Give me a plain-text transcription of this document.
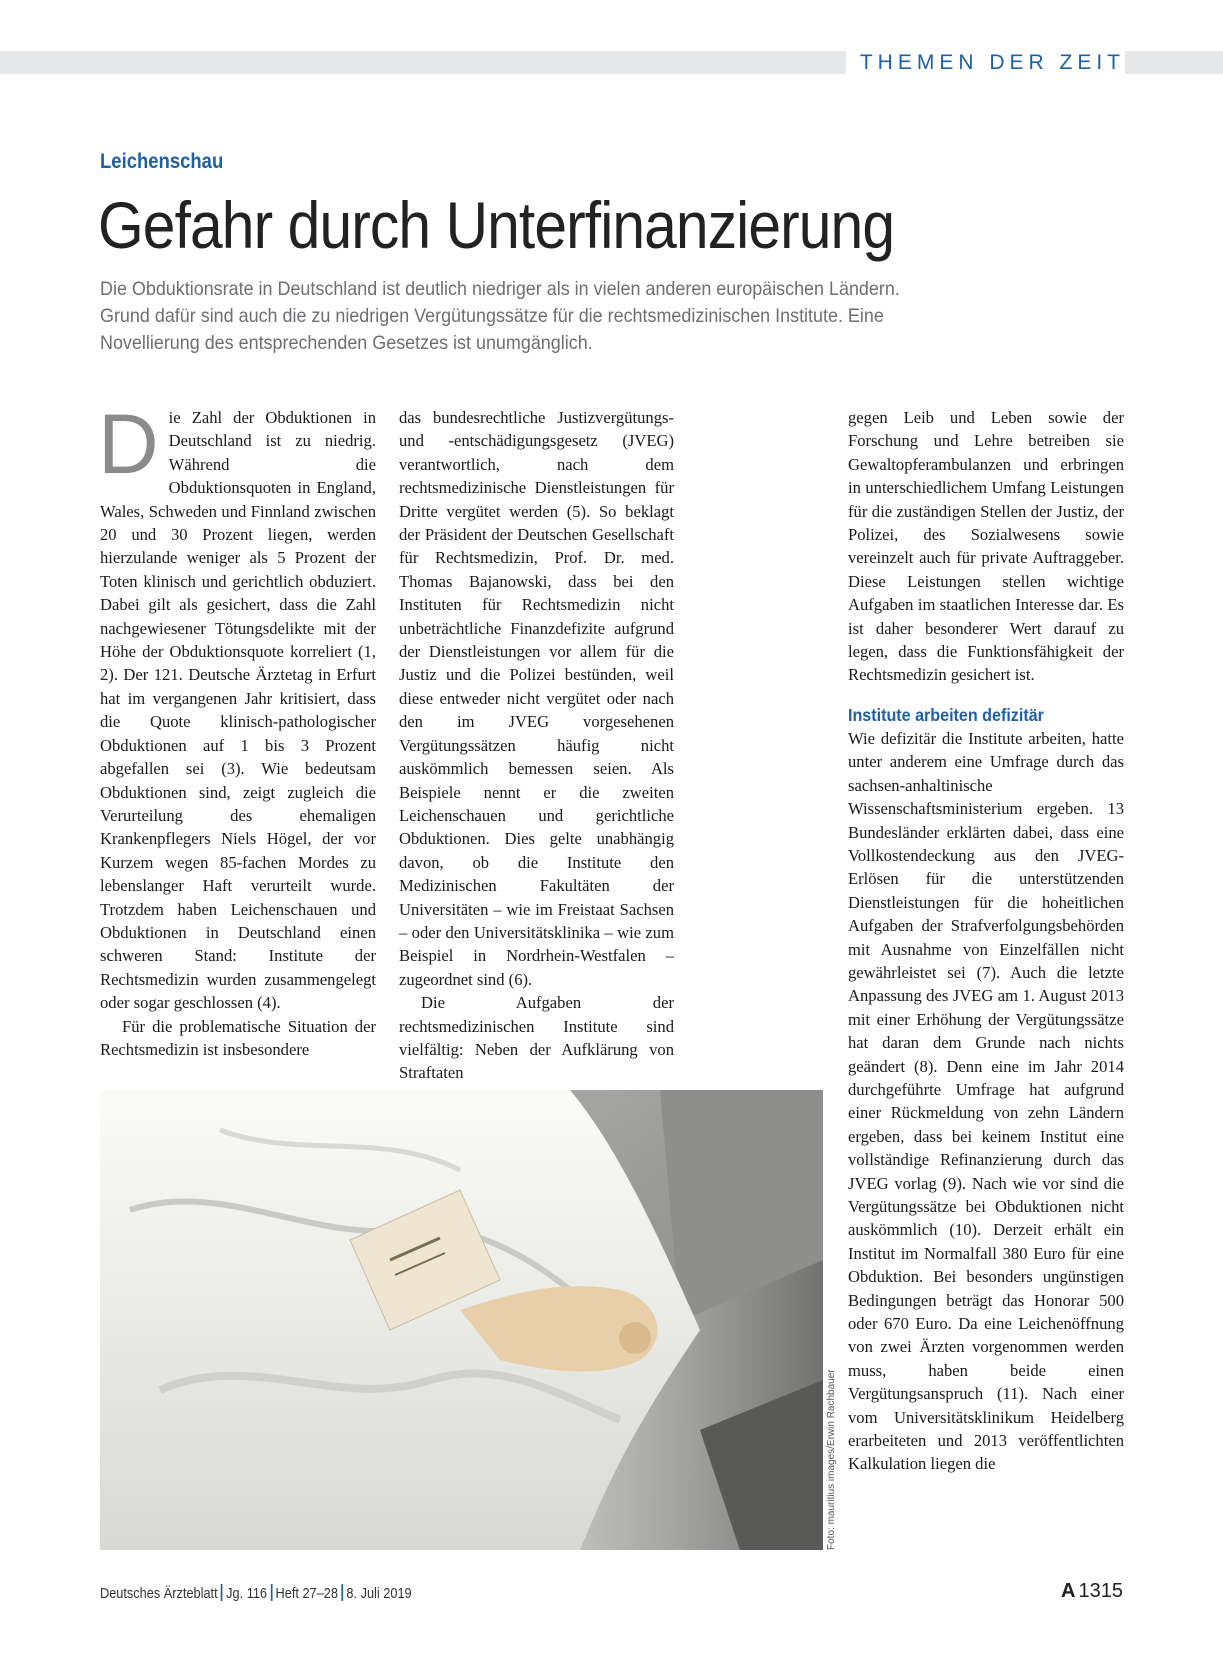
THEMEN DER ZEIT
Leichenschau
Gefahr durch Unterfinanzierung

Die Obduktionsrate in Deutschland ist deutlich niedriger als in vielen anderen europäischen Ländern. Grund dafür sind auch die zu niedrigen Vergütungssätze für die rechtsmedizinischen Institute. Eine Novellierung des entsprechenden Gesetzes ist unumgänglich.

Die Zahl der Obduktionen in Deutschland ist zu niedrig. Während die Obduktionsquoten in England, Wales, Schweden und Finnland zwischen 20 und 30 Prozent liegen, werden hierzulande weniger als 5 Prozent der Toten klinisch und gerichtlich obduziert. Dabei gilt als gesichert, dass die Zahl nachgewiesener Tötungsdelikte mit der Höhe der Obduktionsquote korreliert (1, 2). Der 121. Deutsche Ärztetag in Erfurt hat im vergangenen Jahr kritisiert, dass die Quote klinisch-pathologischer Obduktionen auf 1 bis 3 Prozent abgefallen sei (3). Wie bedeutsam Obduktionen sind, zeigt zugleich die Verurteilung des ehemaligen Krankenpflegers Niels Högel, der vor Kurzem wegen 85-fachen Mordes zu lebenslanger Haft verurteilt wurde. Trotzdem haben Leichenschauen und Obduktionen in Deutschland einen schweren Stand: Institute der Rechtsmedizin wurden zusammengelegt oder sogar geschlossen (4).

Für die problematische Situation der Rechtsmedizin ist insbesondere

das bundesrechtliche Justizvergütungs- und -entschädigungsgesetz (JVEG) verantwortlich, nach dem rechtsmedizinische Dienstleistungen für Dritte vergütet werden (5). So beklagt der Präsident der Deutschen Gesellschaft für Rechtsmedizin, Prof. Dr. med. Thomas Bajanowski, dass bei den Instituten für Rechtsmedizin nicht unbeträchtliche Finanzdefizite aufgrund der Dienstleistungen vor allem für die Justiz und die Polizei bestünden, weil diese entweder nicht vergütet oder nach den im JVEG vorgesehenen Vergütungssätzen häufig nicht auskömmlich bemessen seien. Als Beispiele nennt er die zweiten Leichenschauen und gerichtliche Obduktionen. Dies gelte unabhängig davon, ob die Institute den Medizinischen Fakultäten der Universitäten – wie im Freistaat Sachsen – oder den Universitätsklinika – wie zum Beispiel in Nordrhein-Westfalen – zugeordnet sind (6).

Die Aufgaben der rechtsmedizinischen Institute sind vielfältig: Neben der Aufklärung von Straftaten

gegen Leib und Leben sowie der Forschung und Lehre betreiben sie Gewaltopferambulanzen und erbringen in unterschiedlichem Umfang Leistungen für die zuständigen Stellen der Justiz, der Polizei, des Sozialwesens sowie vereinzelt auch für private Auftraggeber. Diese Leistungen stellen wichtige Aufgaben im staatlichen Interesse dar. Es ist daher besonderer Wert darauf zu legen, dass die Funktionsfähigkeit der Rechtsmedizin gesichert ist.

Institute arbeiten defizitär

Wie defizitär die Institute arbeiten, hatte unter anderem eine Umfrage durch das sachsen-anhaltinische Wissenschaftsministerium ergeben. 13 Bundesländer erklärten dabei, dass eine Vollkostendeckung aus den JVEG-Erlösen für die unterstützenden Dienstleistungen für die hoheitlichen Aufgaben der Strafverfolgungsbehörden mit Ausnahme von Einzelfällen nicht gewährleistet sei (7). Auch die letzte Anpassung des JVEG am 1. August 2013 mit einer Erhöhung der Vergütungssätze hat daran dem Grunde nach nichts geändert (8). Denn eine im Jahr 2014 durchgeführte Umfrage hat aufgrund einer Rückmeldung von zehn Ländern ergeben, dass bei keinem Institut eine vollständige Refinanzierung durch das JVEG vorlag (9). Nach wie vor sind die Vergütungssätze bei Obduktionen nicht auskömmlich (10). Derzeit erhält ein Institut im Normalfall 380 Euro für eine Obduktion. Bei besonders ungünstigen Bedingungen beträgt das Honorar 500 oder 670 Euro. Da eine Leichenöffnung von zwei Ärzten vorgenommen werden muss, haben beide einen Vergütungsanspruch (11). Nach einer vom Universitätsklinikum Heidelberg erarbeiteten und 2013 veröffentlichten Kalkulation liegen die

Foto: mauritius images/Erwin Rachbauer
Deutsches Ärzteblatt Jg. 116 Heft 27–28 8. Juli 2019	A 1315
